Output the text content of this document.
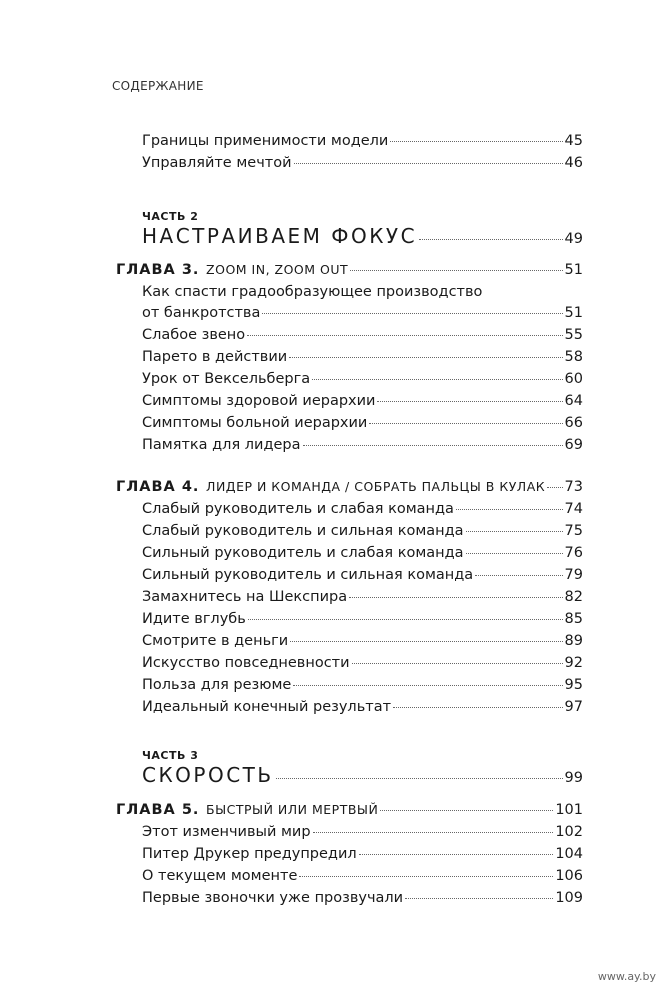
СОДЕРЖАНИЕ
Границы применимости модели	45
Управляйте мечтой	46
ЧАСТЬ 2
НАСТРАИВАЕМ ФОКУС	49
ГЛАВА 3. ZOOM IN, ZOOM OUT	51
Как спасти градообразующее производство
от банкротства	51
Слабое звено	55
Парето в действии	58
Урок от Вексельберга	60
Симптомы здоровой иерархии	64
Симптомы больной иерархии	66
Памятка для лидера	69
ГЛАВА 4. ЛИДЕР И КОМАНДА / СОБРАТЬ ПАЛЬЦЫ В КУЛАК 73
Слабый руководитель и слабая команда	74
Слабый руководитель и сильная команда	75
Сильный руководитель и слабая команда	76
Сильный руководитель и сильная команда	79
Замахнитесь на Шекспира	82
Идите вглубь	85
Смотрите в деньги	89
Искусство повседневности	92
Польза для резюме	95
Идеальный конечный результат	97
ЧАСТЬ 3
СКОРОСТЬ	99
ГЛАВА 5. БЫСТРЫЙ ИЛИ МЕРТВЫЙ	101
Этот изменчивый мир	102
Питер Друкер предупредил	104
О текущем моменте	106
Первые звоночки уже прозвучали	109
www.ay.by
